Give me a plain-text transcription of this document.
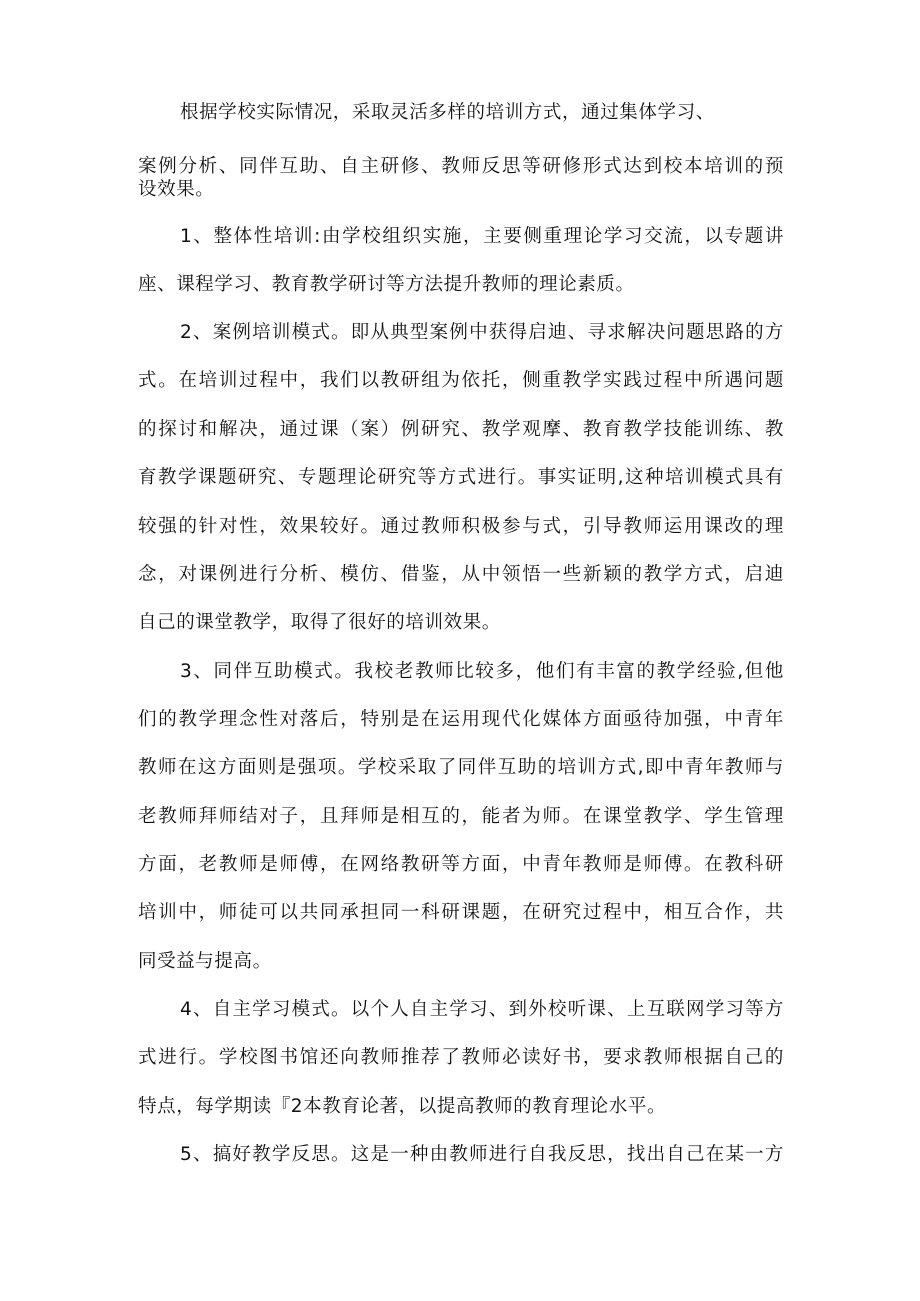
根据学校实际情况，采取灵活多样的培训方式，通过集体学习、
案例分析、同伴互助、自主研修、教师反思等研修形式达到校本培训的预
设效果。
1、整体性培训:由学校组织实施，主要侧重理论学习交流，以专题讲
座、课程学习、教育教学研讨等方法提升教师的理论素质。
2、案例培训模式。即从典型案例中获得启迪、寻求解决问题思路的方
式。在培训过程中，我们以教研组为依托，侧重教学实践过程中所遇问题
的探讨和解决，通过课（案）例研究、教学观摩、教育教学技能训练、教
育教学课题研究、专题理论研究等方式进行。事实证明,这种培训模式具有
较强的针对性，效果较好。通过教师积极参与式，引导教师运用课改的理
念，对课例进行分析、模仿、借鉴，从中领悟一些新颖的教学方式，启迪
自己的课堂教学，取得了很好的培训效果。
3、同伴互助模式。我校老教师比较多，他们有丰富的教学经验,但他
们的教学理念性对落后，特别是在运用现代化媒体方面亟待加强，中青年
教师在这方面则是强项。学校采取了同伴互助的培训方式,即中青年教师与
老教师拜师结对子，且拜师是相互的，能者为师。在课堂教学、学生管理
方面，老教师是师傅，在网络教研等方面，中青年教师是师傅。在教科研
培训中，师徒可以共同承担同一科研课题，在研究过程中，相互合作，共
同受益与提高。
4、自主学习模式。以个人自主学习、到外校听课、上互联网学习等方
式进行。学校图书馆还向教师推荐了教师必读好书，要求教师根据自己的
特点，每学期读『2本教育论著，以提高教师的教育理论水平。
5、搞好教学反思。这是一种由教师进行自我反思，找出自己在某一方
